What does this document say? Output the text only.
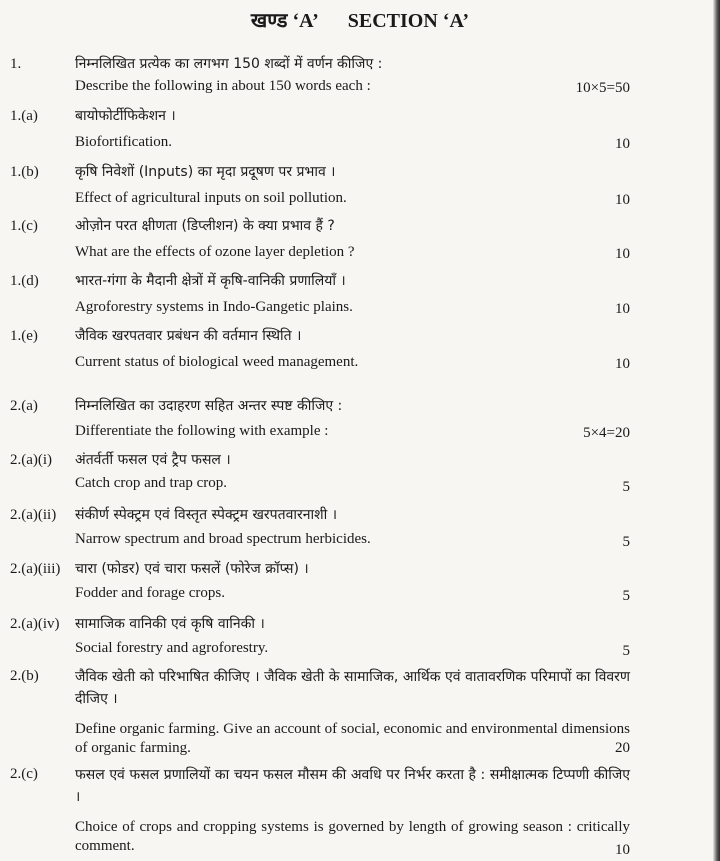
खण्ड ‘A’ SECTION ‘A’
1.	निम्नलिखित प्रत्येक का लगभग 150 शब्दों में वर्णन कीजिए :
Describe the following in about 150 words each :	10×5=50
1.(a)	बायोफोर्टीफिकेशन ।
Biofortification.	10
1.(b)	कृषि निवेशों (Inputs) का मृदा प्रदूषण पर प्रभाव ।
Effect of agricultural inputs on soil pollution.	10
1.(c)	ओज़ोन परत क्षीणता (डिप्लीशन) के क्या प्रभाव हैं ?
What are the effects of ozone layer depletion ?	10
1.(d)	भारत-गंगा के मैदानी क्षेत्रों में कृषि-वानिकी प्रणालियाँ ।
Agroforestry systems in Indo-Gangetic plains.	10
1.(e)	जैविक खरपतवार प्रबंधन की वर्तमान स्थिति ।
Current status of biological weed management.	10
2.(a)	निम्नलिखित का उदाहरण सहित अन्तर स्पष्ट कीजिए :
Differentiate the following with example :	5×4=20
2.(a)(i) अंतर्वर्ती फसल एवं ट्रैप फसल ।
Catch crop and trap crop.	5
2.(a)(ii) संकीर्ण स्पेक्ट्रम एवं विस्तृत स्पेक्ट्रम खरपतवारनाशी ।
Narrow spectrum and broad spectrum herbicides.	5
2.(a)(iii) चारा (फोडर) एवं चारा फसलें (फोरेज क्रॉप्स) ।
Fodder and forage crops.	5
2.(a)(iv) सामाजिक वानिकी एवं कृषि वानिकी ।
Social forestry and agroforestry.	5
2.(b)	जैविक खेती को परिभाषित कीजिए । जैविक खेती के सामाजिक, आर्थिक एवं वातावरणिक परिमापों का विवरण दीजिए ।
Define organic farming. Give an account of social, economic and environmental dimensions of organic farming.	20
2.(c)	फसल एवं फसल प्रणालियों का चयन फसल मौसम की अवधि पर निर्भर करता है : समीक्षात्मक टिप्पणी कीजिए ।
Choice of crops and cropping systems is governed by length of growing season : critically comment.	10
